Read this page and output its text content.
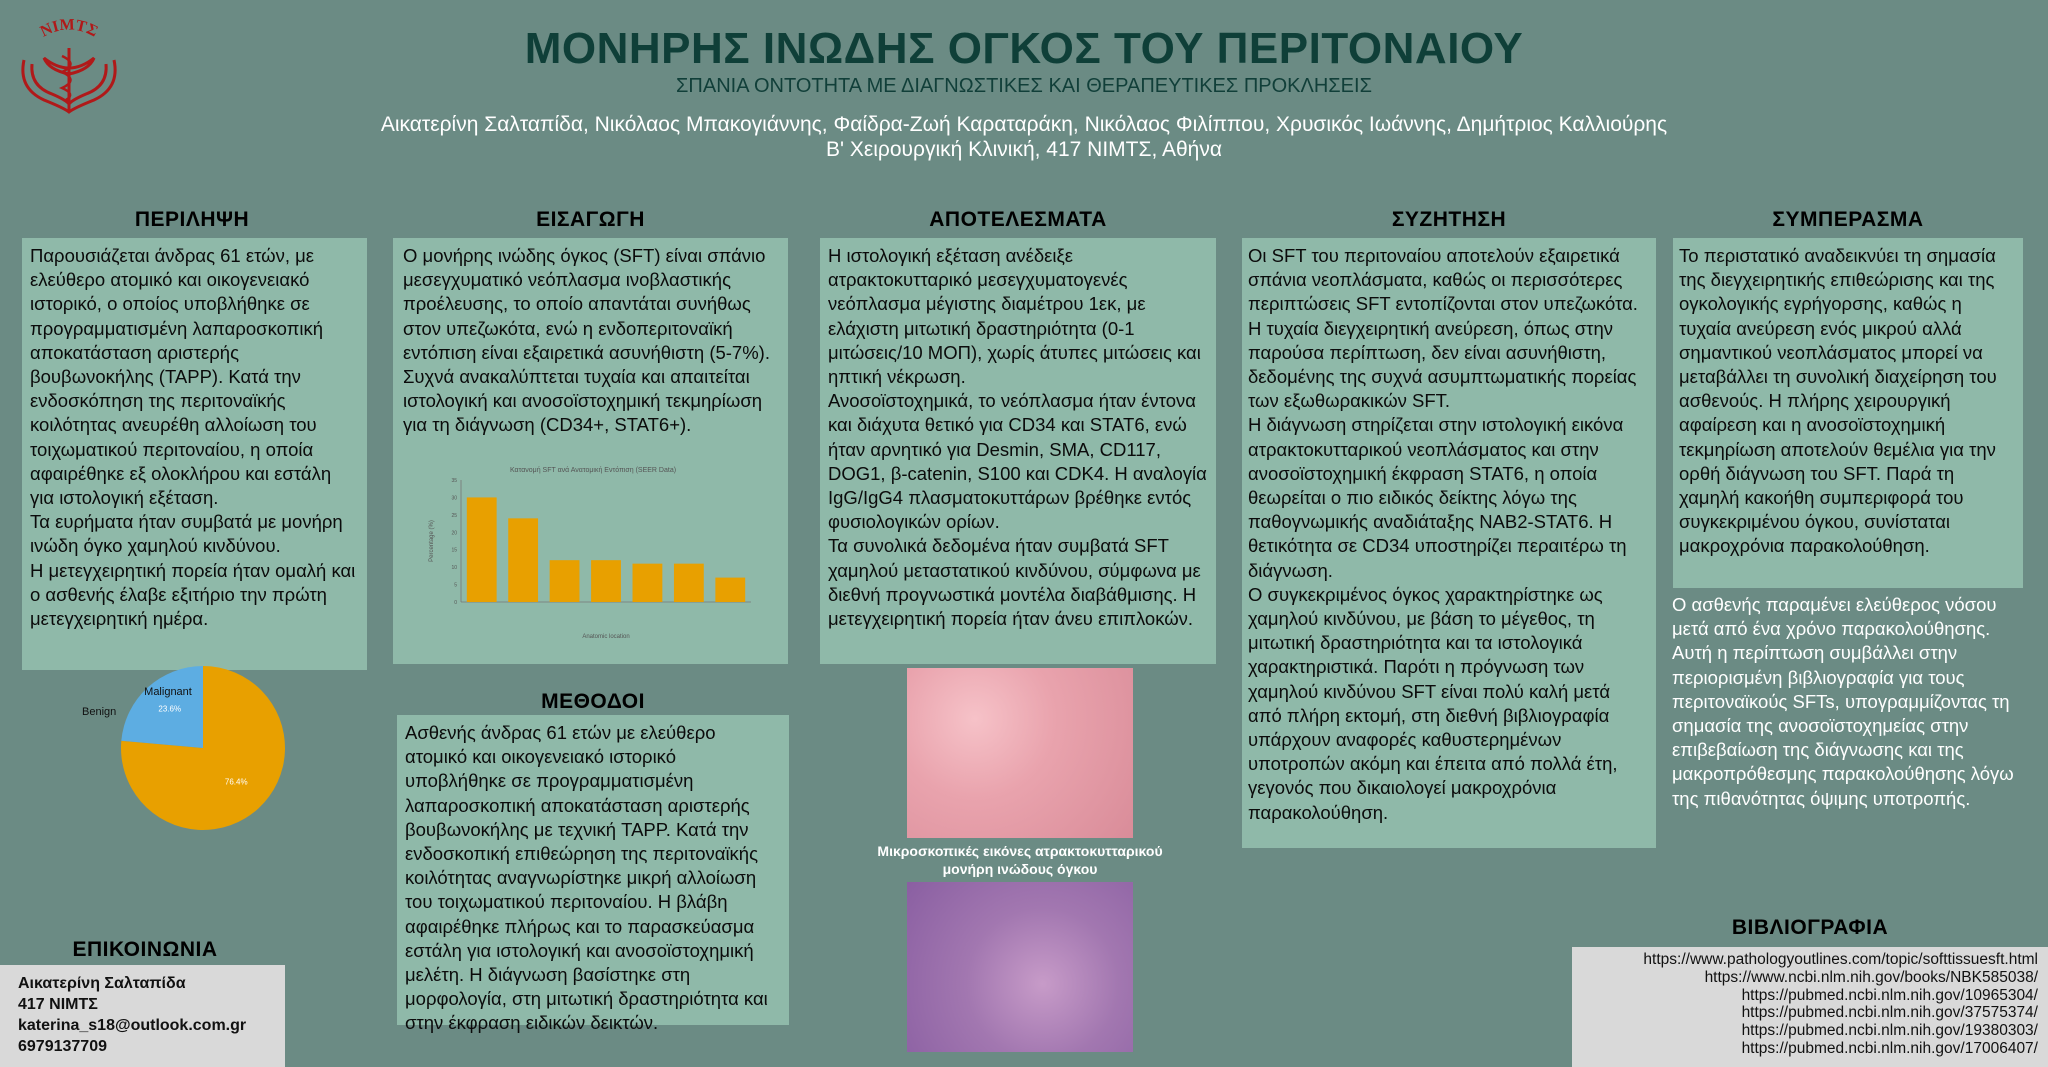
ΝΙΜΤΣ	ΜΟΝΗΡΗΣ ΙΝΩΔΗΣ ΟΓΚΟΣ ΤΟΥ ΠΕΡΙΤΟΝΑΙΟΥ
ΣΠΑΝΙΑ ΟΝΤΟΤΗΤΑ ΜΕ ΔΙΑΓΝΩΣΤΙΚΕΣ ΚΑΙ ΘΕΡΑΠΕΥΤΙΚΕΣ ΠΡΟΚΛΗΣΕΙΣ
Αικατερίνη Σαλταπίδα, Νικόλαος Μπακογιάννης, Φαίδρα-Ζωή Καραταράκη, Νικόλαος Φιλίππου, Χρυσικός Ιωάννης, Δημήτριος Καλλιούρης
Β' Χειρουργική Κλινική, 417 ΝΙΜΤΣ, Αθήνα
ΠΕΡΙΛΗΨΗ

Παρουσιάζεται άνδρας 61 ετών, με ελεύθερο ατομικό και οικογενειακό ιστορικό, ο οποίος υποβλήθηκε σε προγραμματισμένη λαπαροσκοπική αποκατάσταση αριστερής βουβωνοκήλης (TAPP). Κατά την ενδοσκόπηση της περιτοναϊκής κοιλότητας ανευρέθη αλλοίωση του τοιχωματικού περιτοναίου, η οποία αφαιρέθηκε εξ ολοκλήρου και εστάλη για ιστολογική εξέταση.

Τα ευρήματα ήταν συμβατά με μονήρη ινώδη όγκο χαμηλού κινδύνου.

Η μετεγχειρητική πορεία ήταν ομαλή και ο ασθενής έλαβε εξιτήριο την πρώτη μετεγχειρητική ημέρα.

76.4%
Benign	23.6%
Malignant
ΕΠΙΚΟΙΝΩΝΙΑ
Αικατερίνη Σαλταπίδα
417 ΝΙΜΤΣ
katerina_s18@outlook.com.gr
6979137709
ΕΙΣΑΓΩΓΗ

Ο μονήρης ινώδης όγκος (SFT) είναι σπάνιο μεσεγχυματικό νεόπλασμα ινοβλαστικής προέλευσης, το οποίο απαντάται συνήθως στον υπεζωκότα, ενώ η ενδοπεριτοναϊκή εντόπιση είναι εξαιρετικά ασυνήθιστη (5-7%). Συχνά ανακαλύπτεται τυχαία και απαιτείται ιστολογική και ανοσοϊστοχημική τεκμηρίωση για τη διάγνωση (CD34+, STAT6+).

Κατανομή SFT ανά Ανατομική Εντόπιση (SEER Data)
0
5
10
15
20
25
30
35
Percentage (%)
Anatomic location
ΜΕΘΟΔΟΙ

Ασθενής άνδρας 61 ετών με ελεύθερο ατομικό και οικογενειακό ιστορικό υποβλήθηκε σε προγραμματισμένη λαπαροσκοπική αποκατάσταση αριστερής βουβωνοκήλης με τεχνική TAPP. Κατά την ενδοσκοπική επιθεώρηση της περιτοναϊκής κοιλότητας αναγνωρίστηκε μικρή αλλοίωση του τοιχωματικού περιτοναίου. Η βλάβη αφαιρέθηκε πλήρως και το παρασκεύασμα εστάλη για ιστολογική και ανοσοϊστοχημική μελέτη. Η διάγνωση βασίστηκε στη μορφολογία, στη μιτωτική δραστηριότητα και στην έκφραση ειδικών δεικτών.

ΑΠΟΤΕΛΕΣΜΑΤΑ

Η ιστολογική εξέταση ανέδειξε ατρακτοκυτταρικό μεσεγχυματογενές νεόπλασμα μέγιστης διαμέτρου 1εκ, με ελάχιστη μιτωτική δραστηριότητα (0-1 μιτώσεις/10 ΜΟΠ), χωρίς άτυπες μιτώσεις και ηπτική νέκρωση.

Ανοσοϊστοχημικά, το νεόπλασμα ήταν έντονα και διάχυτα θετικό για CD34 και STAT6, ενώ ήταν αρνητικό για Desmin, SMA, CD117, DOG1, β-catenin, S100 και CDK4. Η αναλογία IgG/IgG4 πλασματοκυττάρων βρέθηκε εντός φυσιολογικών ορίων.

Τα συνολικά δεδομένα ήταν συμβατά SFT χαμηλού μεταστατικού κινδύνου, σύμφωνα με διεθνή προγνωστικά μοντέλα διαβάθμισης. Η μετεγχειρητική πορεία ήταν άνευ επιπλοκών.

Μικροσκοπικές εικόνες ατρακτοκυτταρικού μονήρη ινώδους όγκου
ΣΥΖΗΤΗΣΗ

Οι SFT του περιτοναίου αποτελούν εξαιρετικά σπάνια νεοπλάσματα, καθώς οι περισσότερες περιπτώσεις SFT εντοπίζονται στον υπεζωκότα. Η τυχαία διεγχειρητική ανεύρεση, όπως στην παρούσα περίπτωση, δεν είναι ασυνήθιστη, δεδομένης της συχνά ασυμπτωματικής πορείας των εξωθωρακικών SFT.

Η διάγνωση στηρίζεται στην ιστολογική εικόνα ατρακτοκυτταρικού νεοπλάσματος και στην ανοσοϊστοχημική έκφραση STAT6, η οποία θεωρείται ο πιο ειδικός δείκτης λόγω της παθογνωμικής αναδιάταξης NAB2-STAT6. Η θετικότητα σε CD34 υποστηρίζει περαιτέρω τη διάγνωση.

Ο συγκεκριμένος όγκος χαρακτηρίστηκε ως χαμηλού κινδύνου, με βάση το μέγεθος, τη μιτωτική δραστηριότητα και τα ιστολογικά χαρακτηριστικά. Παρότι η πρόγνωση των χαμηλού κινδύνου SFT είναι πολύ καλή μετά από πλήρη εκτομή, στη διεθνή βιβλιογραφία υπάρχουν αναφορές καθυστερημένων υποτροπών ακόμη και έπειτα από πολλά έτη, γεγονός που δικαιολογεί μακροχρόνια παρακολούθηση.

ΣΥΜΠΕΡΑΣΜΑ

Το περιστατικό αναδεικνύει τη σημασία της διεγχειρητικής επιθεώρισης και της ογκολογικής εγρήγορσης, καθώς η τυχαία ανεύρεση ενός μικρού αλλά σημαντικού νεοπλάσματος μπορεί να μεταβάλλει τη συνολική διαχείρηση του ασθενούς. Η πλήρης χειρουργική αφαίρεση και η ανοσοϊστοχημική τεκμηρίωση αποτελούν θεμέλια για την ορθή διάγνωση του SFT. Παρά τη χαμηλή κακοήθη συμπεριφορά του συγκεκριμένου όγκου, συνίσταται μακροχρόνια παρακολούθηση.

Ο ασθενής παραμένει ελεύθερος νόσου μετά από ένα χρόνο παρακολούθησης. Αυτή η περίπτωση συμβάλλει στην περιορισμένη βιβλιογραφία για τους περιτοναϊκούς SFTs, υπογραμμίζοντας τη σημασία της ανοσοϊστοχημείας στην επιβεβαίωση της διάγνωσης και της μακροπρόθεσμης παρακολούθησης λόγω της πιθανότητας όψιμης υποτροπής.
ΒΙΒΛΙΟΓΡΑΦΙΑ
https://www.pathologyoutlines.com/topic/softtissuesft.html
https://www.ncbi.nlm.nih.gov/books/NBK585038/
https://pubmed.ncbi.nlm.nih.gov/10965304/
https://pubmed.ncbi.nlm.nih.gov/37575374/
https://pubmed.ncbi.nlm.nih.gov/19380303/
https://pubmed.ncbi.nlm.nih.gov/17006407/
